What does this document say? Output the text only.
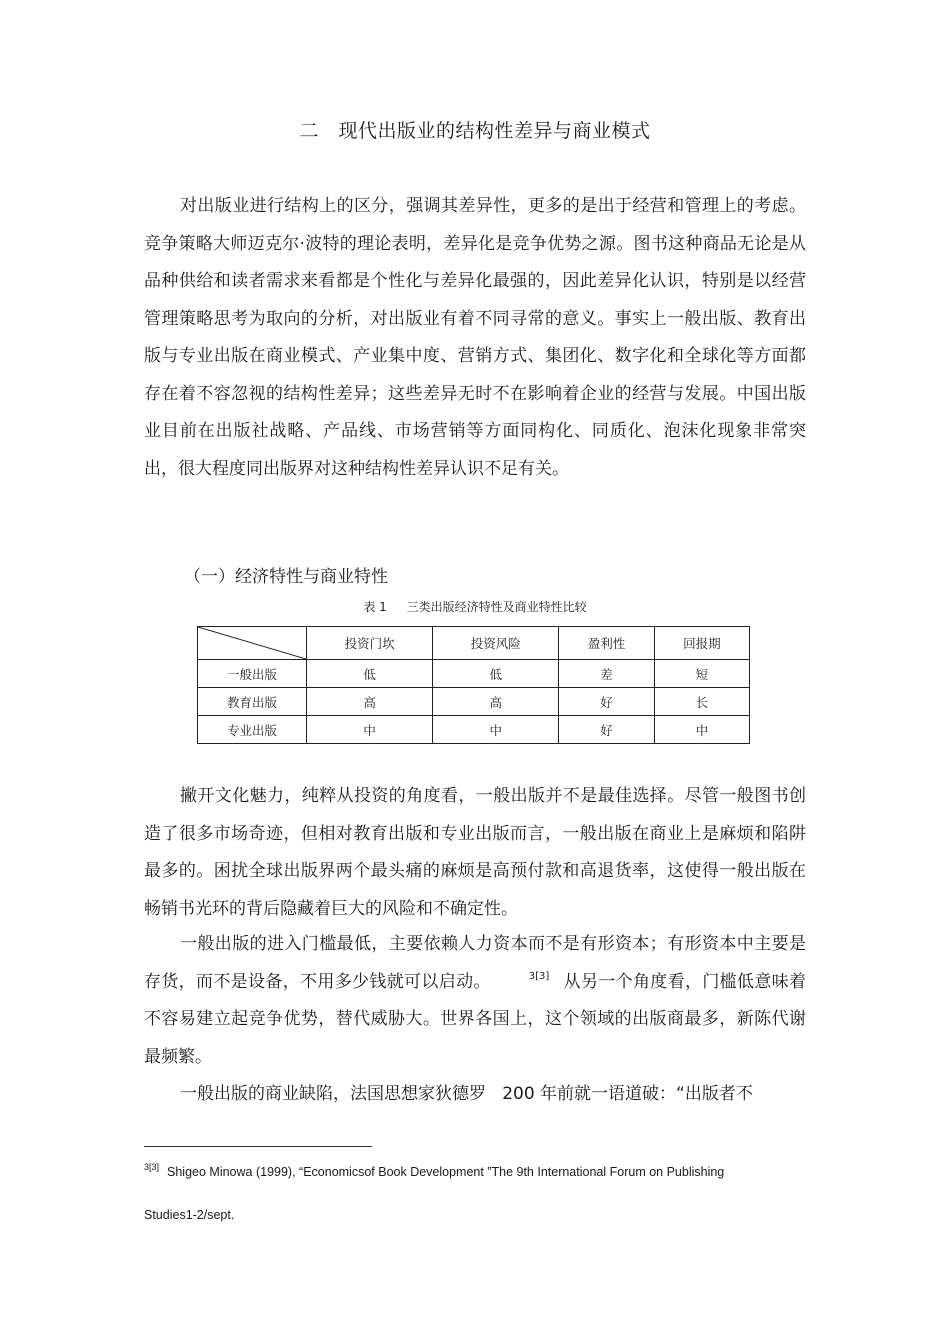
二   现代出版业的结构性差异与商业模式

对出版业进行结构上的区分，强调其差异性，更多的是出于经营和管理上的考虑。竞争策略大师迈克尔·波特的理论表明，差异化是竞争优势之源。图书这种商品无论是从品种供给和读者需求来看都是个性化与差异化最强的，因此差异化认识，特别是以经营管理策略思考为取向的分析，对出版业有着不同寻常的意义。事实上一般出版、教育出版与专业出版在商业模式、产业集中度、营销方式、集团化、数字化和全球化等方面都存在着不容忽视的结构性差异；这些差异无时不在影响着企业的经营与发展。中国出版业目前在出版社战略、产品线、市场营销等方面同构化、同质化、泡沫化现象非常突出，很大程度同出版界对这种结构性差异认识不足有关。

（一）经济特性与商业特性
表 1 三类出版经济特性及商业特性比较
	投资门坎	投资风险	盈利性	回报期
一般出版	低	低	差	短
教育出版	高	高	好	长
专业出版	中	中	好	中

撇开文化魅力，纯粹从投资的角度看，一般出版并不是最佳选择。尽管一般图书创造了很多市场奇迹，但相对教育出版和专业出版而言，一般出版在商业上是麻烦和陷阱最多的。困扰全球出版界两个最头痛的麻烦是高预付款和高退货率，这使得一般出版在畅销书光环的背后隐藏着巨大的风险和不确定性。

一般出版的进入门槛最低，主要依赖人力资本而不是有形资本；有形资本中主要是存货，而不是设备，不用多少钱就可以启动。	$^{3[3]}$ 从另一个角度看，门槛低意味着不容易建立起竞争优势，替代威胁大。世界各国上，这个领域的出版商最多，新陈代谢最频繁。

一般出版的商业缺陷，法国思想家狄德罗   200 年前就一语道破：“出版者不

$^{3[3]}$ Shigeo Minowa (1999), “Economicsof Book Development ”The 9th International Forum on Publishing
Studies1-2/sept.
